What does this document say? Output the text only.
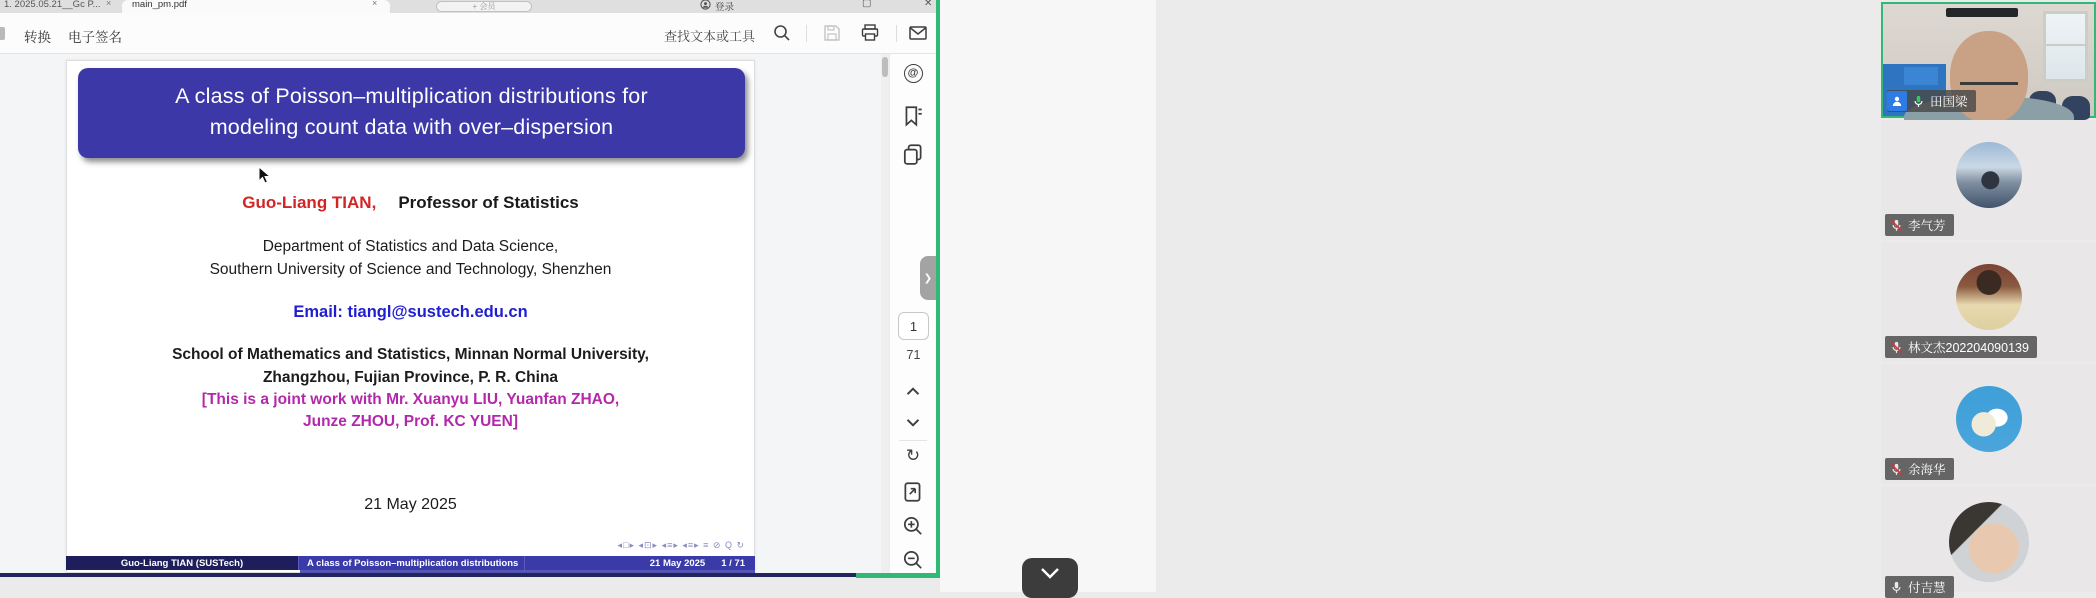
1. 2025.05.21__Gc P... × main_pm.pdf	×	+ 会员	登录	▢	✕
转换 电子签名	查找文本或工具
A class of Poisson–multiplication distributions for
modeling count data with over–dispersion
Guo-Liang TIAN, Professor of Statistics
Department of Statistics and Data Science,
Southern University of Science and Technology, Shenzhen
Email: tiangl@sustech.edu.cn
School of Mathematics and Statistics, Minnan Normal University,
Zhangzhou, Fujian Province, P. R. China
[This is a joint work with Mr. Xuanyu LIU, Yuanfan ZHAO,
Junze ZHOU, Prof. KC YUEN]
21 May 2025
◂□▸ ◂⊡▸ ◂≡▸ ◂≡▸ ≡ ⊘ Q ↻
Guo-Liang TIAN (SUSTech)	A class of Poisson–multiplication distributions	21 May 2025 1 / 71
@
❯
1
71
↻
田国梁
李气芳
林文杰202204090139
余海华
付吉慧
